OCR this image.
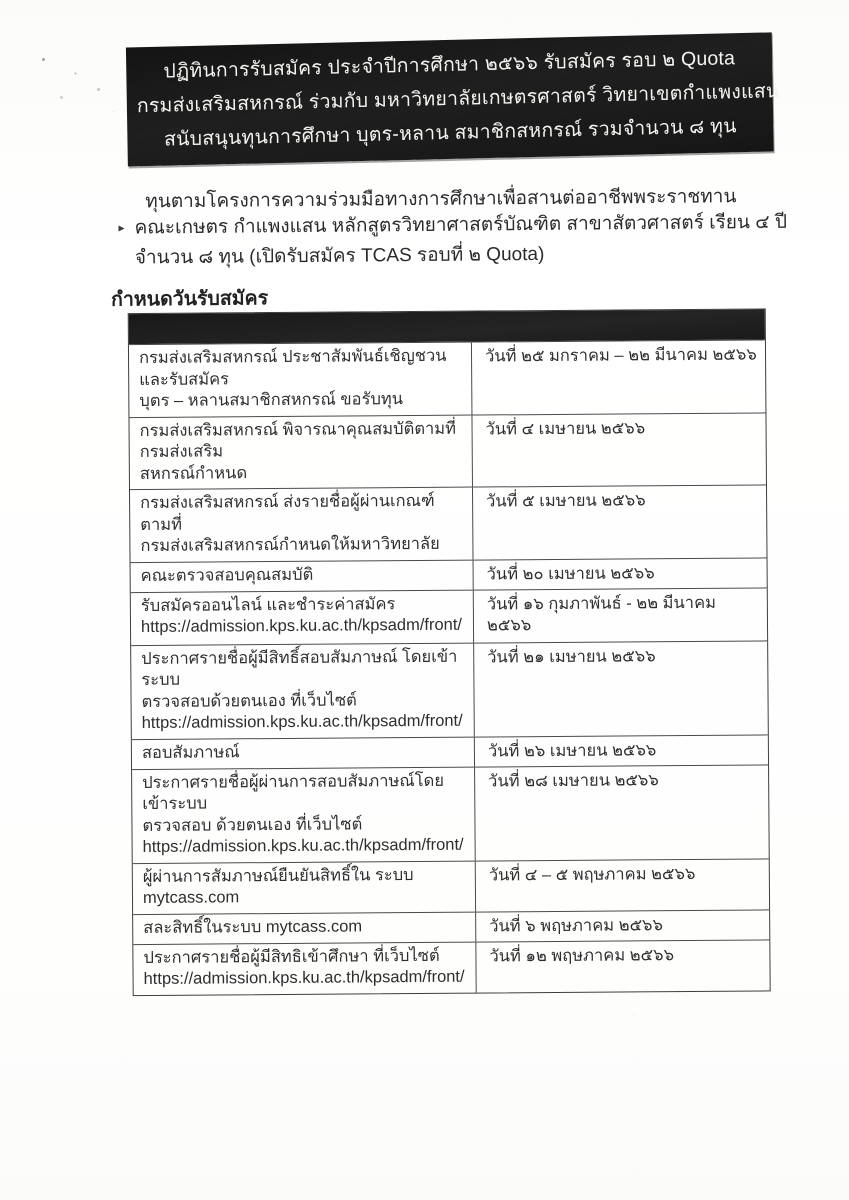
ปฏิทินการรับสมัคร ประจำปีการศึกษา ๒๕๖๖ รับสมัคร รอบ ๒ Quota
กรมส่งเสริมสหกรณ์ ร่วมกับ มหาวิทยาลัยเกษตรศาสตร์ วิทยาเขตกำแพงแสน
สนับสนุนทุนการศึกษา บุตร-หลาน สมาชิกสหกรณ์ รวมจำนวน ๘ ทุน
ทุนตามโครงการความร่วมมือทางการศึกษาเพื่อสานต่ออาชีพพระราชทาน
▸ คณะเกษตร กำแพงแสน หลักสูตรวิทยาศาสตร์บัณฑิต สาขาสัตวศาสตร์ เรียน ๔ ปี
จำนวน ๘ ทุน (เปิดรับสมัคร TCAS รอบที่ ๒ Quota)
กำหนดวันรับสมัคร
กรมส่งเสริมสหกรณ์ ประชาสัมพันธ์เชิญชวนและรับสมัคร
บุตร – หลานสมาชิกสหกรณ์ ขอรับทุน
วันที่ ๒๕ มกราคม – ๒๒ มีนาคม ๒๕๖๖
กรมส่งเสริมสหกรณ์ พิจารณาคุณสมบัติตามที่กรมส่งเสริม
สหกรณ์กำหนด
วันที่ ๔ เมษายน ๒๕๖๖
กรมส่งเสริมสหกรณ์ ส่งรายชื่อผู้ผ่านเกณฑ์ตามที่
กรมส่งเสริมสหกรณ์กำหนดให้มหาวิทยาลัย
วันที่ ๕ เมษายน ๒๕๖๖
คณะตรวจสอบคุณสมบัติ	วันที่ ๒๐ เมษายน ๒๕๖๖
รับสมัครออนไลน์ และชำระค่าสมัคร
https://admission.kps.ku.ac.th/kpsadm/front/
วันที่ ๑๖ กุมภาพันธ์ - ๒๒ มีนาคม ๒๕๖๖
ประกาศรายชื่อผู้มีสิทธิ์สอบสัมภาษณ์ โดยเข้าระบบ
ตรวจสอบด้วยตนเอง ที่เว็บไซต์
https://admission.kps.ku.ac.th/kpsadm/front/
วันที่ ๒๑ เมษายน ๒๕๖๖
สอบสัมภาษณ์	วันที่ ๒๖ เมษายน ๒๕๖๖
ประกาศรายชื่อผู้ผ่านการสอบสัมภาษณ์โดยเข้าระบบ
ตรวจสอบ ด้วยตนเอง ที่เว็บไซต์
https://admission.kps.ku.ac.th/kpsadm/front/
วันที่ ๒๘ เมษายน ๒๕๖๖
ผู้ผ่านการสัมภาษณ์ยืนยันสิทธิ์ใน ระบบ mytcass.com
วันที่ ๔ – ๕ พฤษภาคม ๒๕๖๖
สละสิทธิ์ในระบบ mytcass.com	วันที่ ๖ พฤษภาคม ๒๕๖๖
ประกาศรายชื่อผู้มีสิทธิเข้าศึกษา ที่เว็บไซต์
https://admission.kps.ku.ac.th/kpsadm/front/
วันที่ ๑๒ พฤษภาคม ๒๕๖๖
